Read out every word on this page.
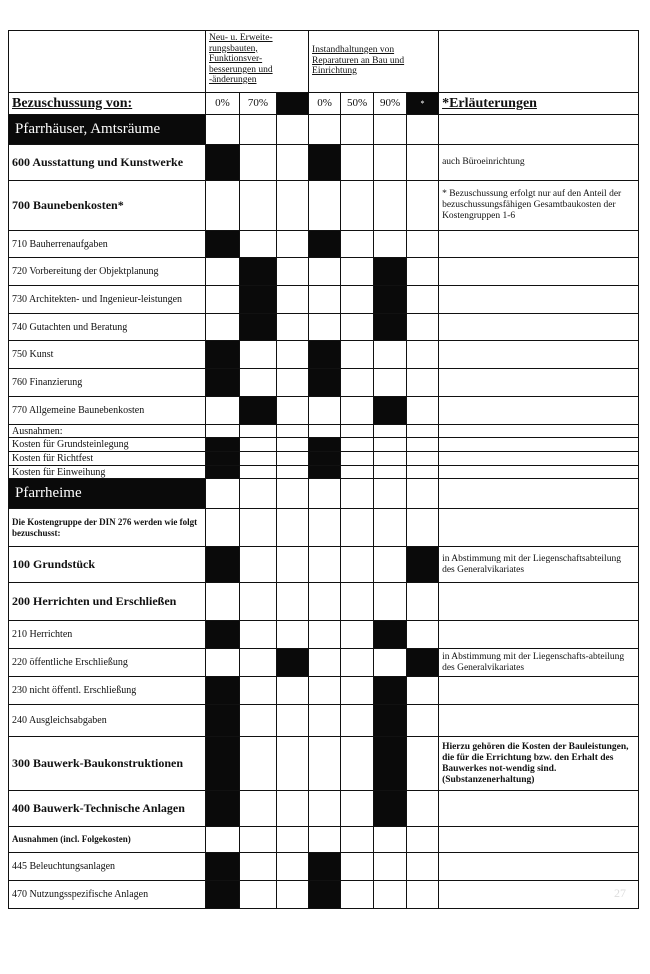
	Neu- u. Erweite-rungsbauten, Funktionsver-besserungen und -änderungen			Instandhaltungen von Reparaturen an Bau und Einrichtung				
Bezuschussung von:	0%	70%		0%	50%	90%	*	*Erläuterungen
Pfarrhäuser, Amtsräume								
600 Ausstattung und Kunstwerke								auch Büroeinrichtung
700 Baunebenkosten*								* Bezuschussung erfolgt nur auf den Anteil der bezuschussungsfähigen Gesamtbaukosten der Kostengruppen 1-6
710 Bauherrenaufgaben								
720 Vorbereitung der Objektplanung								
730 Architekten- und Ingenieur-leistungen								
740 Gutachten und Beratung								
750 Kunst								
760 Finanzierung								
770 Allgemeine Baunebenkosten								
Ausnahmen:								
Kosten für Grundsteinlegung								
Kosten für Richtfest								
Kosten für Einweihung								
Pfarrheime								
Die Kostengruppe der DIN 276 werden wie folgt bezuschusst:								
100 Grundstück								in Abstimmung mit der Liegenschaftsabteilung des Generalvikariates
200 Herrichten und Erschließen								
210 Herrichten								
220 öffentliche Erschließung								in Abstimmung mit der Liegenschafts-abteilung des Generalvikariates
230 nicht öffentl. Erschließung								
240 Ausgleichsabgaben								
300 Bauwerk-Baukonstruktionen								Hierzu gehören die Kosten der Bauleistungen, die für die Errichtung bzw. den Erhalt des Bauwerkes not-wendig sind. (Substanzenerhaltung)
400 Bauwerk-Technische Anlagen								
Ausnahmen (incl. Folgekosten)								
445 Beleuchtungsanlagen								
470 Nutzungsspezifische Anlagen									27
